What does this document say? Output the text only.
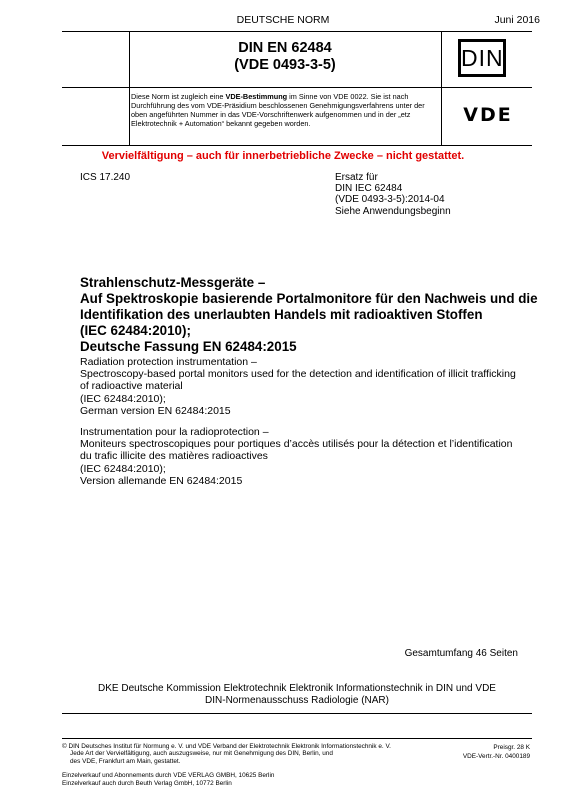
DEUTSCHE NORM	Juni 2016
DIN EN 62484
(VDE 0493-3-5)	DIN
Diese Norm ist zugleich eine VDE-Bestimmung im Sinne von VDE 0022. Sie ist nach Durchführung des vom VDE-Präsidium beschlossenen Genehmigungsverfahrens unter der oben angeführten Nummer in das VDE-Vorschriftenwerk aufgenommen und in der „etz Elektrotechnik + Automation“ bekannt gegeben worden.	VDE
Vervielfältigung – auch für innerbetriebliche Zwecke – nicht gestattet.
ICS 17.240	Ersatz für
DIN IEC 62484
(VDE 0493-3-5):2014-04
Siehe Anwendungsbeginn
Strahlenschutz-Messgeräte –
Auf Spektroskopie basierende Portalmonitore für den Nachweis und die
Identifikation des unerlaubten Handels mit radioaktiven Stoffen
(IEC 62484:2010);
Deutsche Fassung EN 62484:2015
Radiation protection instrumentation –
Spectroscopy-based portal monitors used for the detection and identification of illicit trafficking
of radioactive material
(IEC 62484:2010);
German version EN 62484:2015
Instrumentation pour la radioprotection –
Moniteurs spectroscopiques pour portiques d’accès utilisés pour la détection et l’identification
du trafic illicite des matières radioactives
(IEC 62484:2010);
Version allemande EN 62484:2015
Gesamtumfang 46 Seiten
DKE Deutsche Kommission Elektrotechnik Elektronik Informationstechnik in DIN und VDE
DIN-Normenausschuss Radiologie (NAR)
© DIN Deutsches Institut für Normung e. V. und VDE Verband der Elektrotechnik Elektronik Informationstechnik e. V.
Jede Art der Vervielfältigung, auch auszugsweise, nur mit Genehmigung des DIN, Berlin, und
des VDE, Frankfurt am Main, gestattet.
Preisgr. 28 K
VDE-Vertr.-Nr. 0400189
Einzelverkauf und Abonnements durch VDE VERLAG GMBH, 10625 Berlin
Einzelverkauf auch durch Beuth Verlag GmbH, 10772 Berlin
